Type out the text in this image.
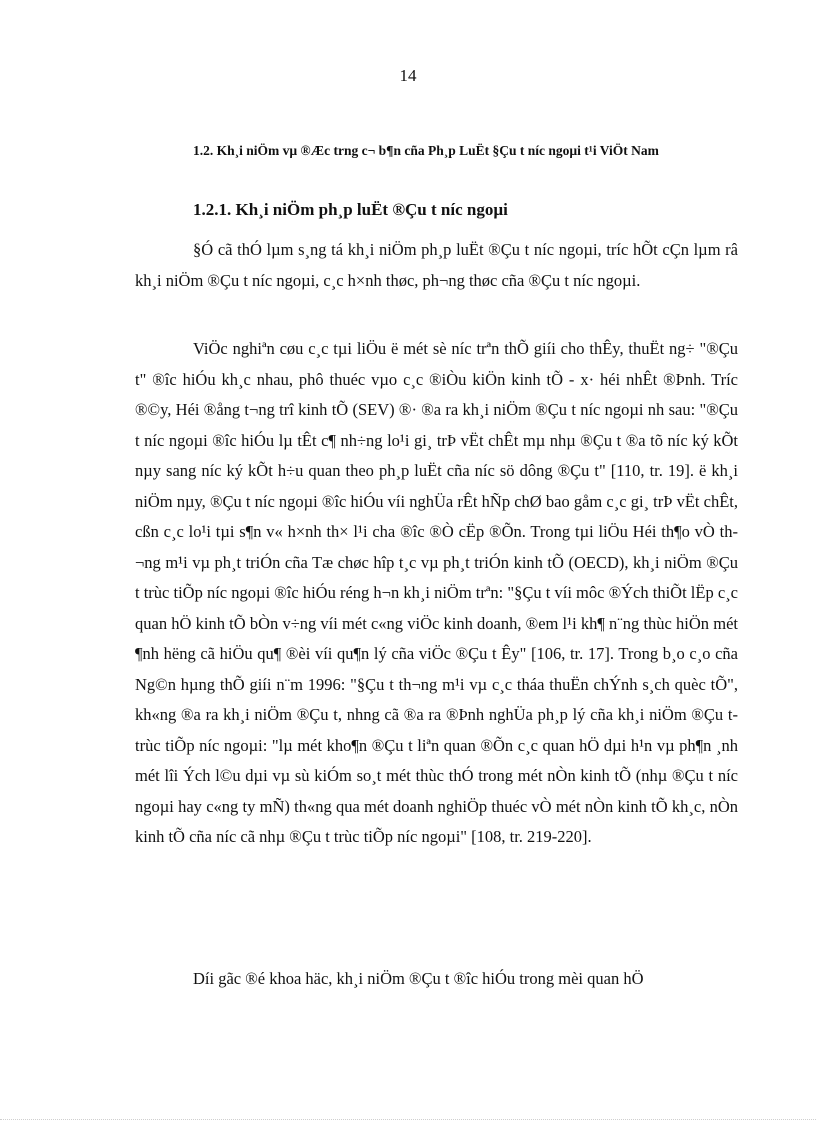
14
1.2. Kh¸i niÖm vµ ®Æc trng c¬ b¶n cña Ph¸p LuËt §Çu t níc ngoµi t¹i ViÖt Nam
1.2.1. Kh¸i niÖm ph¸p luËt ®Çu t níc ngoµi

§Ó cã thÓ lµm s¸ng tá kh¸i niÖm ph¸p luËt ®Çu t níc ngoµi, tríc hÕt cÇn lµm râ kh¸i niÖm ®Çu t níc ngoµi, c¸c h×nh thøc, ph¬ng thøc cña ®Çu t níc ngoµi.

ViÖc nghiªn cøu c¸c tµi liÖu ë mét sè níc trªn thÕ giíi cho thÊy, thuËt ng÷ "®Çu t" ®îc hiÓu kh¸c nhau, phô thuéc vµo c¸c ®iÒu kiÖn kinh tÕ - x· héi nhÊt ®Þnh. Tríc ®©y, Héi ®ång t¬ng trî kinh tÕ (SEV) ®· ®a ra kh¸i niÖm ®Çu t níc ngoµi nh sau: "®Çu t níc ngoµi ®îc hiÓu lµ tÊt c¶ nh÷ng lo¹i gi¸ trÞ vËt chÊt mµ nhµ ®Çu t ®a tõ níc ký kÕt nµy sang níc ký kÕt h÷u quan theo ph¸p luËt cña níc sö dông ®Çu t" [110, tr. 19]. ë kh¸i niÖm nµy, ®Çu t níc ngoµi ®îc hiÓu víi nghÜa rÊt hÑp chØ bao gåm c¸c gi¸ trÞ vËt chÊt, cßn c¸c lo¹i tµi s¶n v« h×nh th× l¹i cha ®îc ®Ò cËp ®Õn. Trong tµi liÖu Héi th¶o vÒ th¬ng m¹i vµ ph¸t triÓn cña Tæ chøc hîp t¸c vµ ph¸t triÓn kinh tÕ (OECD), kh¸i niÖm ®Çu t trùc tiÕp níc ngoµi ®îc hiÓu réng h¬n kh¸i niÖm trªn: "§Çu t víi môc ®Ých thiÕt lËp c¸c quan hÖ kinh tÕ bÒn v÷ng víi mét c«ng viÖc kinh doanh, ®em l¹i kh¶ n¨ng thùc hiÖn mét ¶nh hëng cã hiÖu qu¶ ®èi víi qu¶n lý cña viÖc ®Çu t Êy" [106, tr. 17]. Trong b¸o c¸o cña Ng©n hµng thÕ giíi n¨m 1996: "§Çu t th¬ng m¹i vµ c¸c tháa thuËn chÝnh s¸ch quèc tÕ", kh«ng ®a ra kh¸i niÖm ®Çu t, nhng cã ®a ra ®Þnh nghÜa ph¸p lý cña kh¸i niÖm ®Çu t trùc tiÕp níc ngoµi: "lµ mét kho¶n ®Çu t liªn quan ®Õn c¸c quan hÖ dµi h¹n vµ ph¶n ¸nh mét lîi Ých l©u dµi vµ sù kiÓm so¸t mét thùc thÓ trong mét nÒn kinh tÕ (nhµ ®Çu t níc ngoµi hay c«ng ty mÑ) th«ng qua mét doanh nghiÖp thuéc vÒ mét nÒn kinh tÕ kh¸c, nÒn kinh tÕ cña níc cã nhµ ®Çu t trùc tiÕp níc ngoµi" [108, tr. 219-220].

Díi gãc ®é khoa häc, kh¸i niÖm ®Çu t ®îc hiÓu trong mèi quan hÖ
